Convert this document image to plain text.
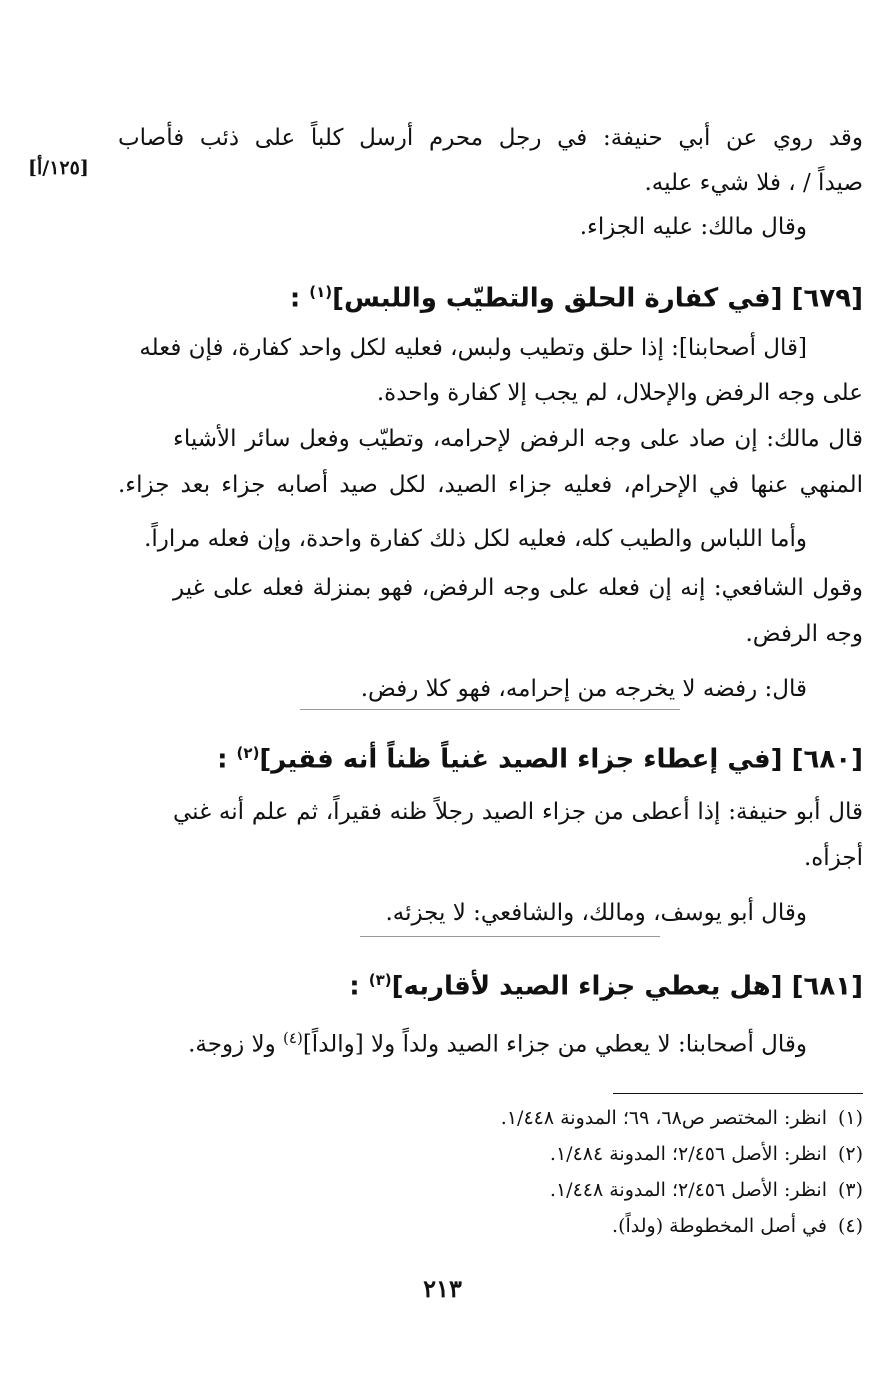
[١٢٥/أ]
وقد روي عن أبي حنيفة: في رجل محرم أرسل كلباً على ذئب فأصاب
صيداً / ، فلا شيء عليه.
وقال مالك: عليه الجزاء.
[٦٧٩] [في كفارة الحلق والتطيّب واللبس]$^{(١)}$ :
[قال أصحابنا]: إذا حلق وتطيب ولبس، فعليه لكل واحد كفارة، فإن فعله
على وجه الرفض والإحلال، لم يجب إلا كفارة واحدة.
قال مالك: إن صاد على وجه الرفض لإحرامه، وتطيّب وفعل سائر الأشياء
المنهي عنها في الإحرام، فعليه جزاء الصيد، لكل صيد أصابه جزاء بعد جزاء.
وأما اللباس والطيب كله، فعليه لكل ذلك كفارة واحدة، وإن فعله مراراً.
وقول الشافعي: إنه إن فعله على وجه الرفض، فهو بمنزلة فعله على غير
وجه الرفض.
قال: رفضه لا يخرجه من إحرامه، فهو كلا رفض.
[٦٨٠] [في إعطاء جزاء الصيد غنياً ظناً أنه فقير]$^{(٢)}$ :
قال أبو حنيفة: إذا أعطى من جزاء الصيد رجلاً ظنه فقيراً، ثم علم أنه غني
أجزأه.
وقال أبو يوسف، ومالك، والشافعي: لا يجزئه.
[٦٨١] [هل يعطي جزاء الصيد لأقاربه]$^{(٣)}$ :
وقال أصحابنا: لا يعطي من جزاء الصيد ولداً ولا [والداً]$^{(٤)}$ ولا زوجة.
(١)انظر: المختصر ص٦٨، ٦٩؛ المدونة ١/٤٤٨.
(٢)انظر: الأصل ٢/٤٥٦؛ المدونة ١/٤٨٤.
(٣)انظر: الأصل ٢/٤٥٦؛ المدونة ١/٤٤٨.
(٤)في أصل المخطوطة (ولداً).
٢١٣
